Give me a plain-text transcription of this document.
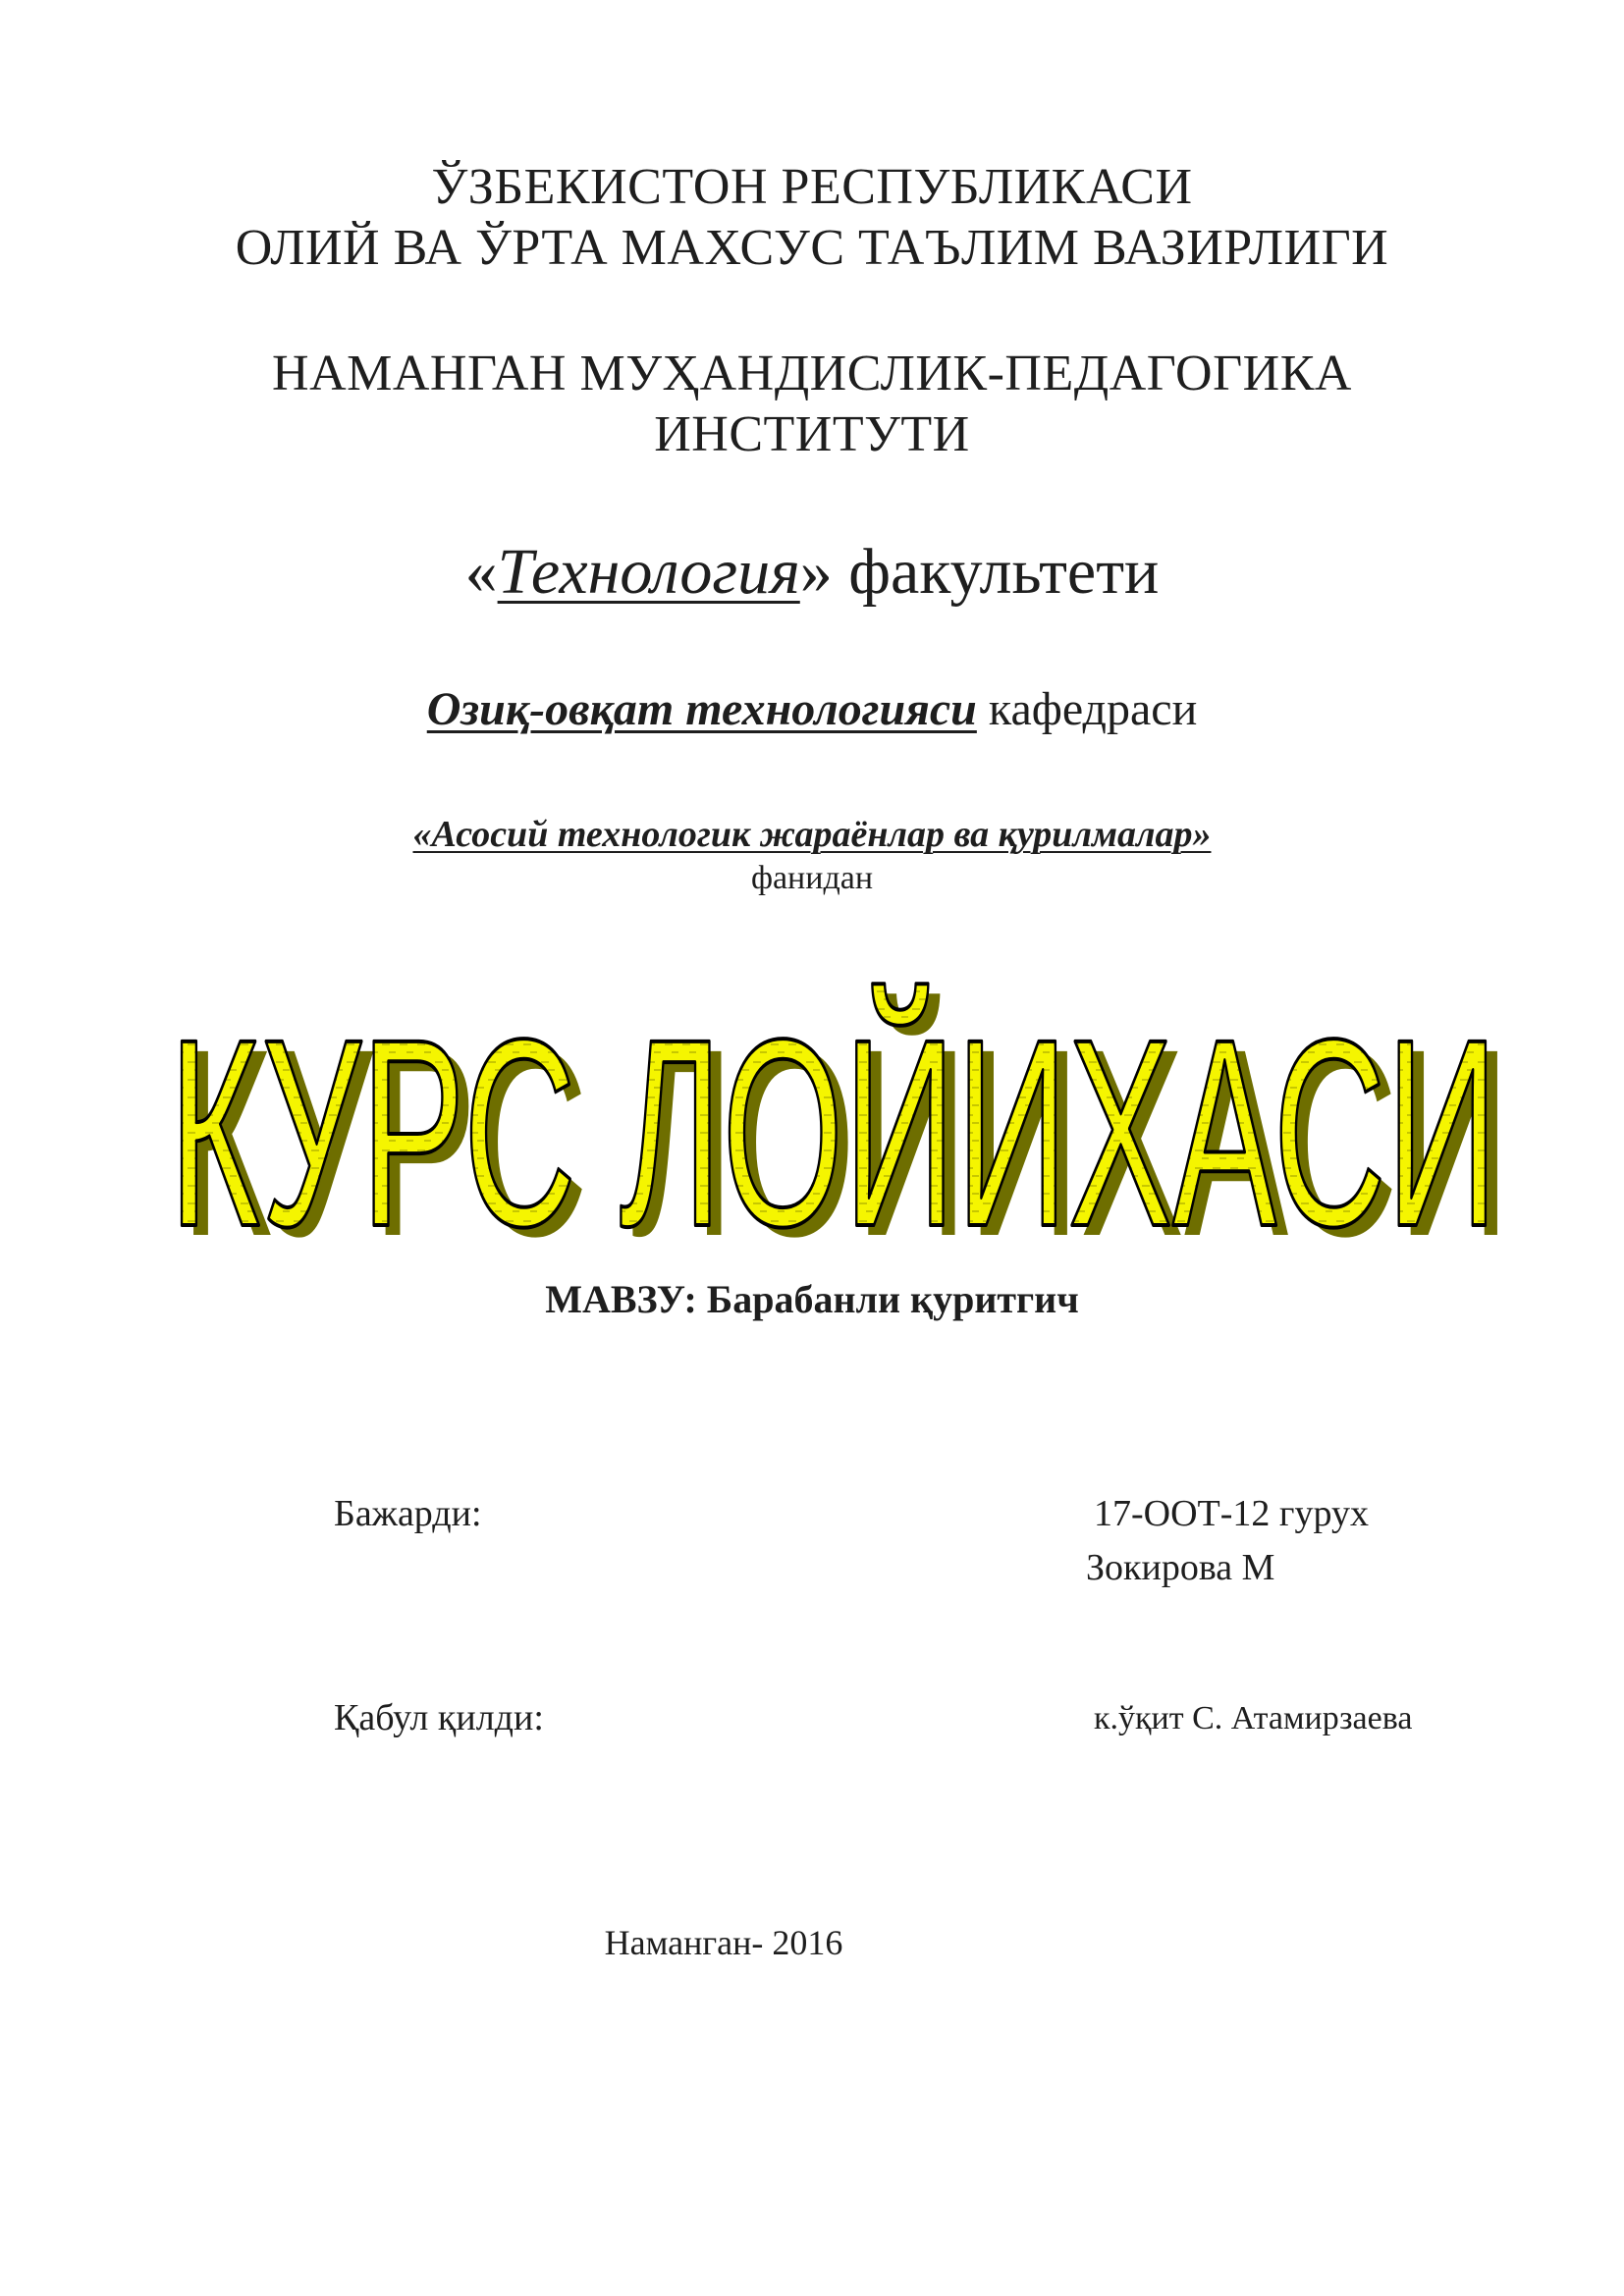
ЎЗБЕКИСТОН РЕСПУБЛИКАСИ
ОЛИЙ ВА ЎРТА МАХСУС ТАЪЛИМ ВАЗИРЛИГИ
НАМАНГАН МУҲАНДИСЛИК-ПЕДАГОГИКА
ИНСТИТУТИ
«Технология» факультети
Озиқ-овқат технологияси кафедраси
«Асосий технологик жараёнлар ва қурилмалар»
фанидан
КУРС ЛОЙИХАСИ
КУРС ЛОЙИХАСИ
МАВЗУ: Барабанли қуритгич
Бажарди:	17-ООТ-12 гурух
Зокирова М
Қабул қилди:	к.ўқит С. Атамирзаева
Наманган- 2016
